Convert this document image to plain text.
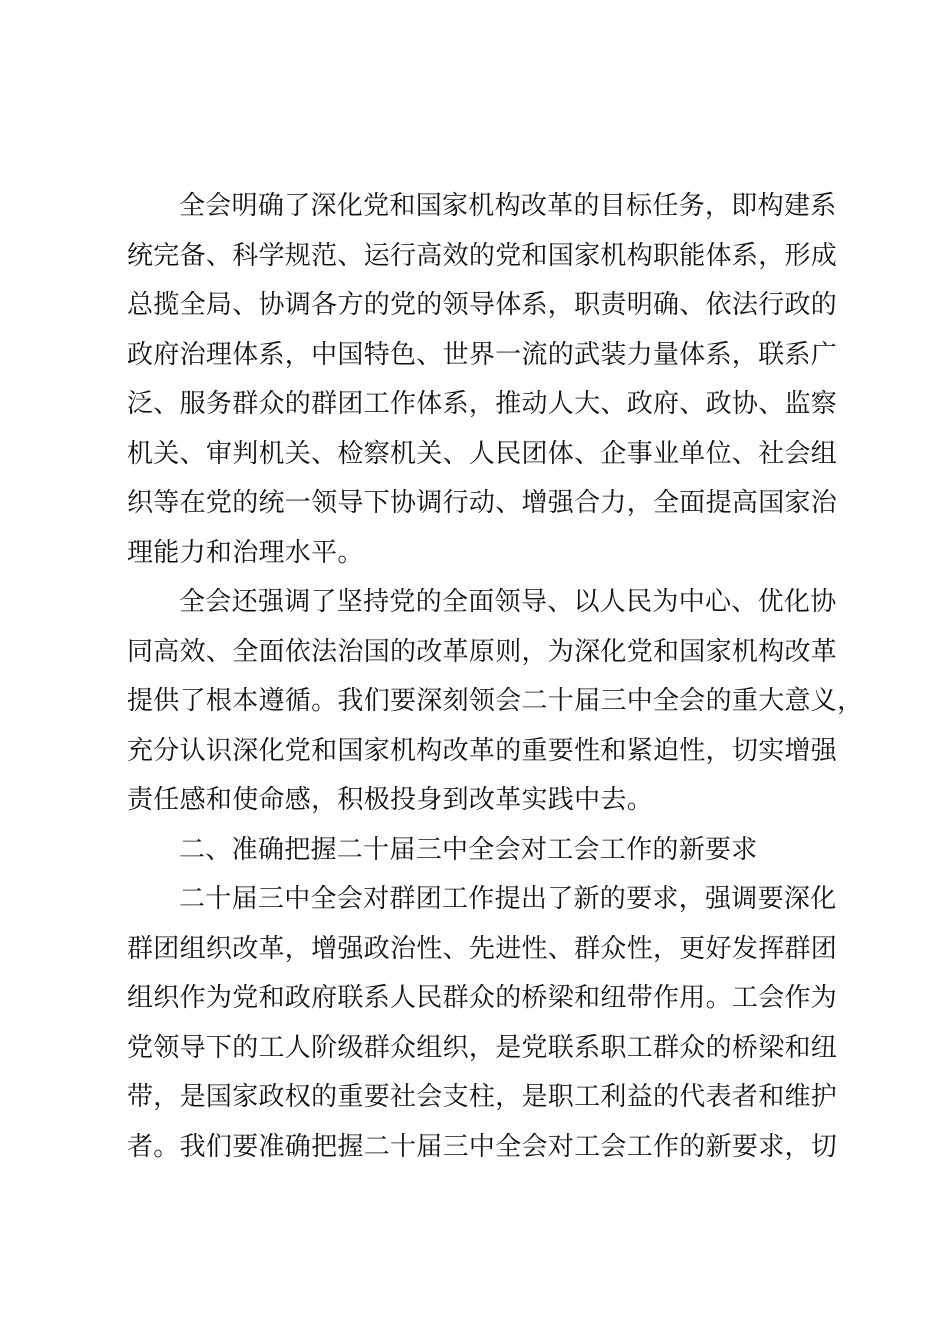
全会明确了深化党和国家机构改革的目标任务，即构建系
统完备、科学规范、运行高效的党和国家机构职能体系，形成
总揽全局、协调各方的党的领导体系，职责明确、依法行政的
政府治理体系，中国特色、世界一流的武装力量体系，联系广
泛、服务群众的群团工作体系，推动人大、政府、政协、监察
机关、审判机关、检察机关、人民团体、企事业单位、社会组
织等在党的统一领导下协调行动、增强合力，全面提高国家治
理能力和治理水平。
全会还强调了坚持党的全面领导、以人民为中心、优化协
同高效、全面依法治国的改革原则，为深化党和国家机构改革
提供了根本遵循。我们要深刻领会二十届三中全会的重大意义，
充分认识深化党和国家机构改革的重要性和紧迫性，切实增强
责任感和使命感，积极投身到改革实践中去。
二、准确把握二十届三中全会对工会工作的新要求
二十届三中全会对群团工作提出了新的要求，强调要深化
群团组织改革，增强政治性、先进性、群众性，更好发挥群团
组织作为党和政府联系人民群众的桥梁和纽带作用。工会作为
党领导下的工人阶级群众组织，是党联系职工群众的桥梁和纽
带，是国家政权的重要社会支柱，是职工利益的代表者和维护
者。我们要准确把握二十届三中全会对工会工作的新要求，切
